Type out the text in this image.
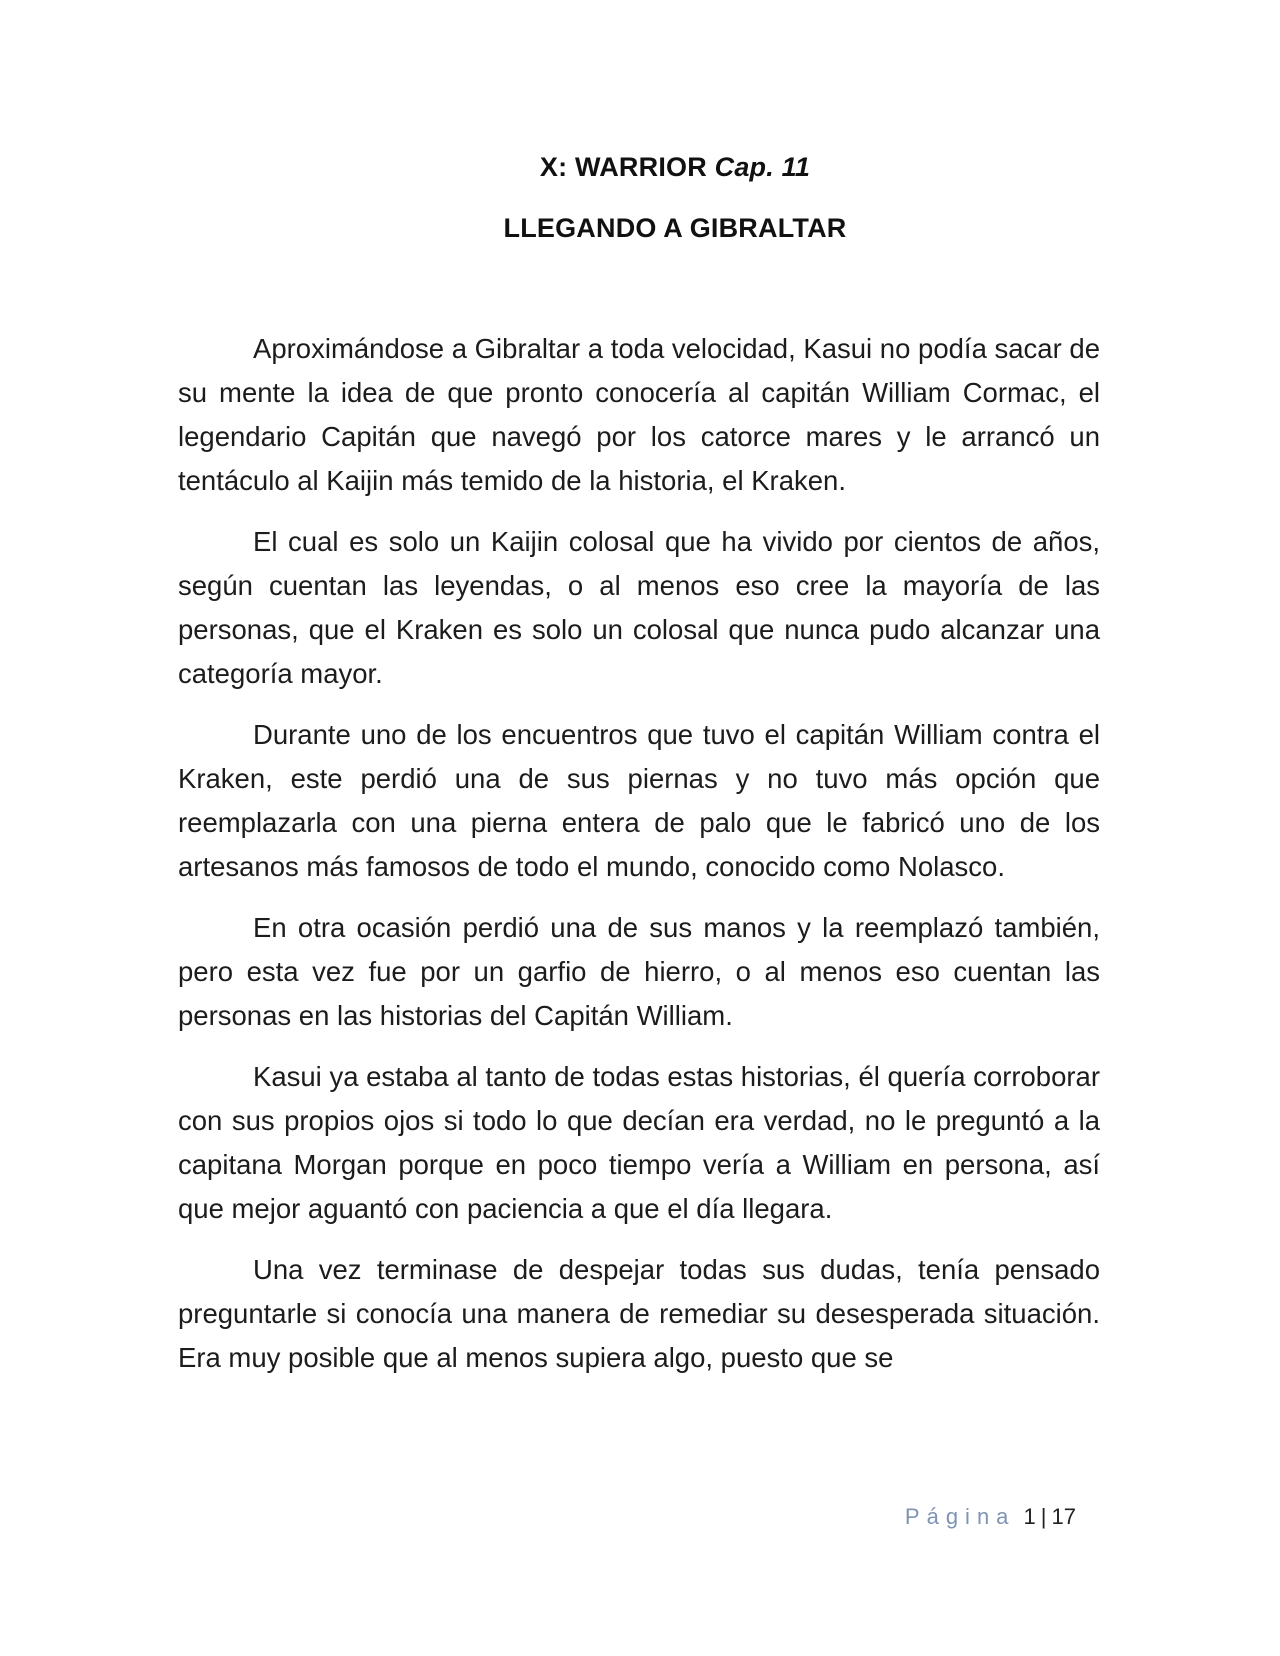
X: WARRIOR Cap. 11
LLEGANDO A GIBRALTAR

Aproximándose a Gibraltar a toda velocidad, Kasui no podía sacar de su mente la idea de que pronto conocería al capitán William Cormac, el legendario Capitán que navegó por los catorce mares y le arrancó un tentáculo al Kaijin más temido de la historia, el Kraken.

El cual es solo un Kaijin colosal que ha vivido por cientos de años, según cuentan las leyendas, o al menos eso cree la mayoría de las personas, que el Kraken es solo un colosal que nunca pudo alcanzar una categoría mayor.

Durante uno de los encuentros que tuvo el capitán William contra el Kraken, este perdió una de sus piernas y no tuvo más opción que reemplazarla con una pierna entera de palo que le fabricó uno de los artesanos más famosos de todo el mundo, conocido como Nolasco.

En otra ocasión perdió una de sus manos y la reemplazó también, pero esta vez fue por un garfio de hierro, o al menos eso cuentan las personas en las historias del Capitán William.

Kasui ya estaba al tanto de todas estas historias, él quería corroborar con sus propios ojos si todo lo que decían era verdad, no le preguntó a la capitana Morgan porque en poco tiempo vería a William en persona, así que mejor aguantó con paciencia a que el día llegara.

Una vez terminase de despejar todas sus dudas, tenía pensado preguntarle si conocía una manera de remediar su desesperada situación. Era muy posible que al menos supiera algo, puesto que se

Página 1 | 17
